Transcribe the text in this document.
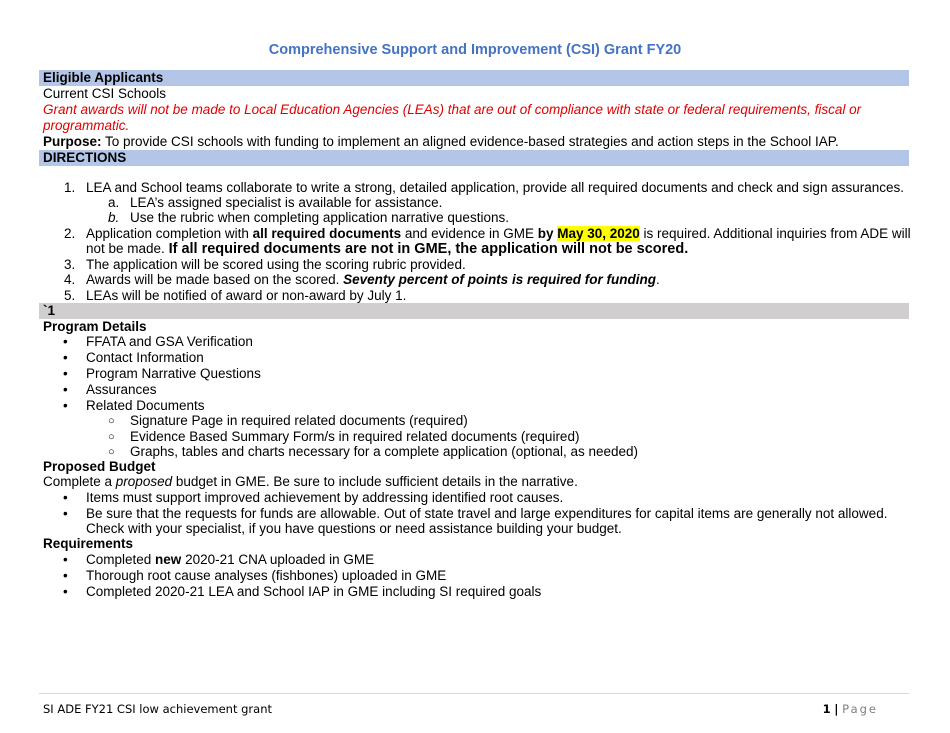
Comprehensive Support and Improvement (CSI) Grant FY20
Eligible Applicants
Current CSI Schools
Grant awards will not be made to Local Education Agencies (LEAs) that are out of compliance with state or federal requirements, fiscal or
programmatic.
Purpose: To provide CSI schools with funding to implement an aligned evidence-based strategies and action steps in the School IAP.
DIRECTIONS
1. LEA and School teams collaborate to write a strong, detailed application, provide all required documents and check and sign assurances.
a. LEA’s assigned specialist is available for assistance.
b. Use the rubric when completing application narrative questions.
2. Application completion with all required documents and evidence in GME by May 30, 2020 is required. Additional inquiries from ADE will
not be made. If all required documents are not in GME, the application will not be scored.
3. The application will be scored using the scoring rubric provided.
4. Awards will be made based on the scored. Seventy percent of points is required for funding.
5. LEAs will be notified of award or non-award by July 1.
`1
Program Details
• FFATA and GSA Verification
• Contact Information
• Program Narrative Questions
• Assurances
• Related Documents
○ Signature Page in required related documents (required)
○ Evidence Based Summary Form/s in required related documents (required)
○ Graphs, tables and charts necessary for a complete application (optional, as needed)
Proposed Budget
Complete a proposed budget in GME. Be sure to include sufficient details in the narrative.
• Items must support improved achievement by addressing identified root causes.
• Be sure that the requests for funds are allowable. Out of state travel and large expenditures for capital items are generally not allowed.
Check with your specialist, if you have questions or need assistance building your budget.
Requirements
• Completed new 2020-21 CNA uploaded in GME
• Thorough root cause analyses (fishbones) uploaded in GME
• Completed 2020-21 LEA and School IAP in GME including SI required goals
SI ADE FY21 CSI low achievement grant	1 | Page
